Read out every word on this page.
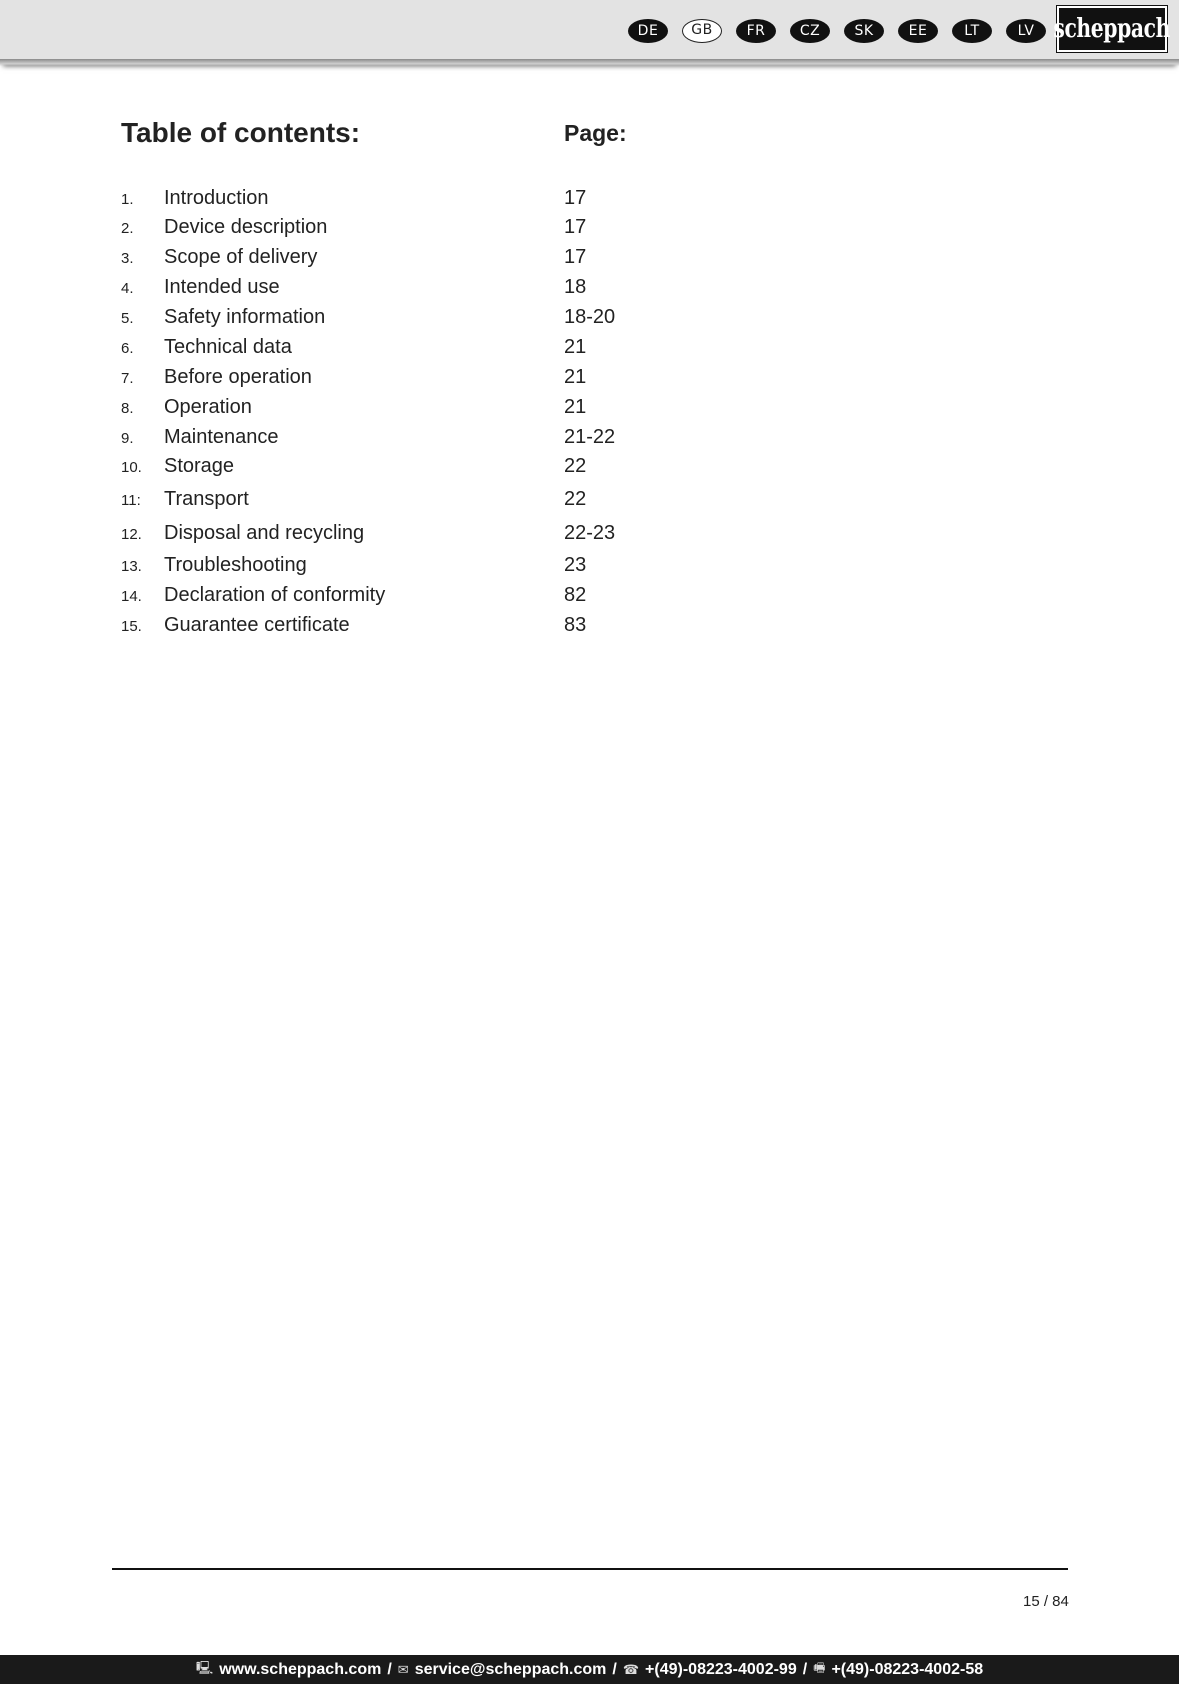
DE	GB	FR	CZ	SK	EE	LT	LV scheppach
Table of contents:	Page:
1. Introduction	17
2. Device description	17
3. Scope of delivery	17
4. Intended use	18
5. Safety information	18-20
6. Technical data	21
7. Before operation	21
8. Operation	21
9. Maintenance	21-22
10. Storage	22
11: Transport	22
12. Disposal and recycling	22-23
13. Troubleshooting	23
14. Declaration of conformity	82
15. Guarantee certificate	83
15 / 84
🖳 www.scheppach.com / ✉ service@scheppach.com / ☎ +(49)-08223-4002-99 / 🖷 +(49)-08223-4002-58
